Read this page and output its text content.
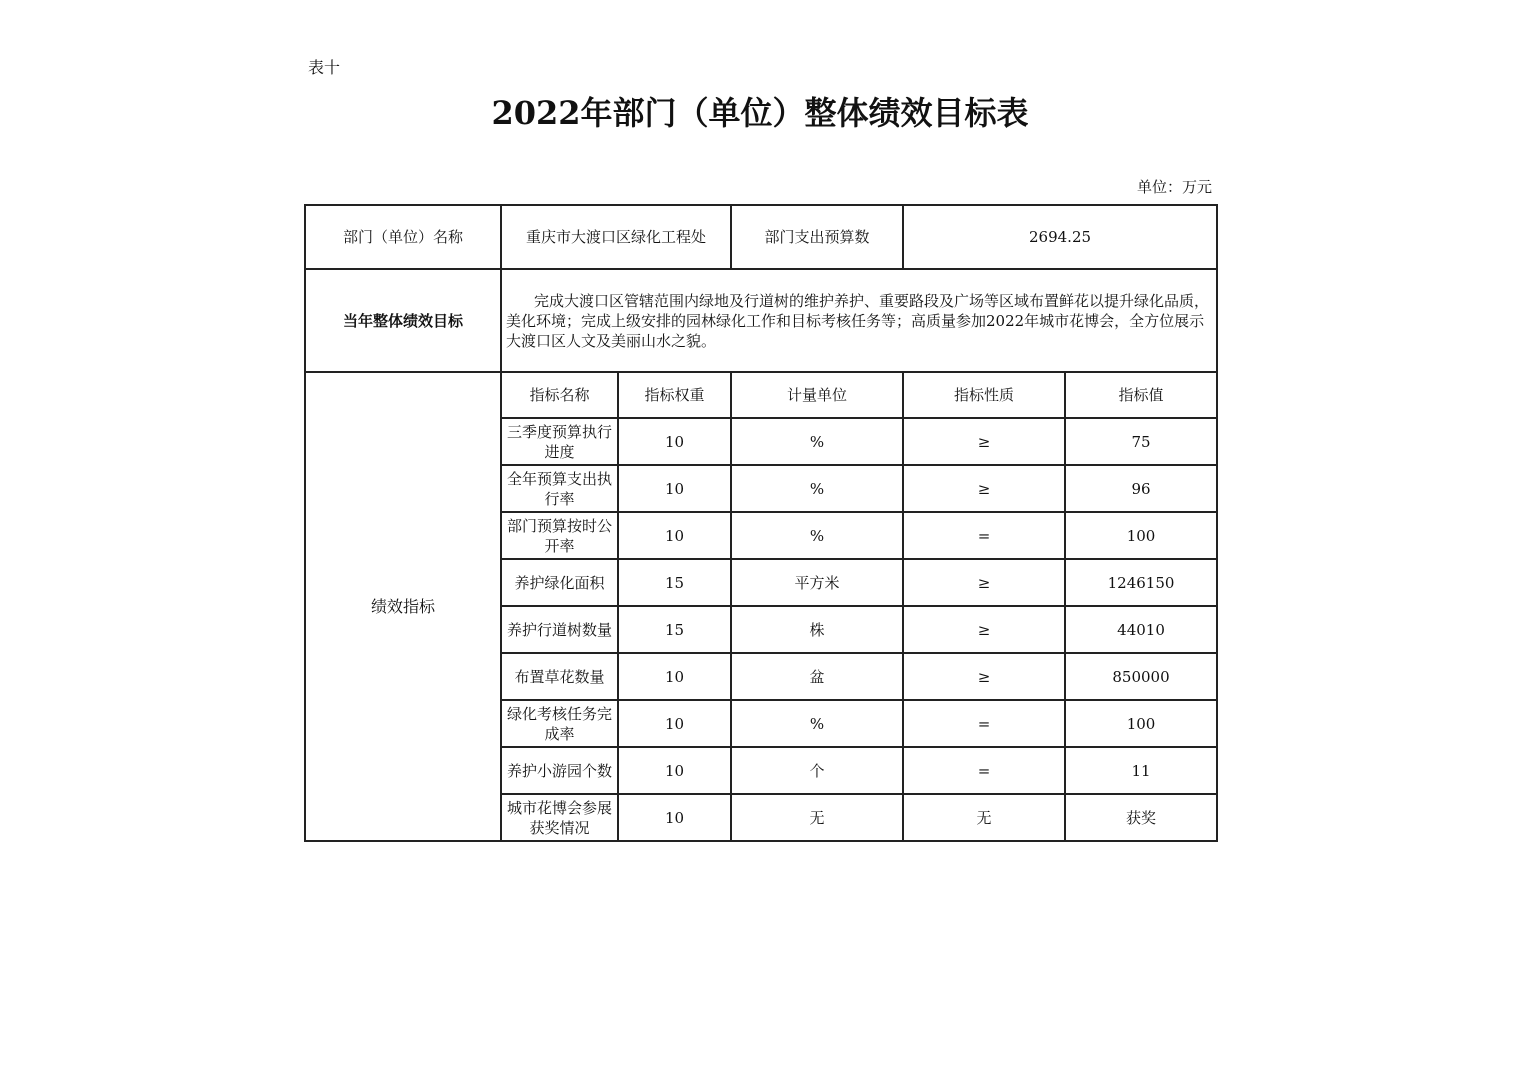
表十
2022年部门（单位）整体绩效目标表
单位：万元
部门（单位）名称	重庆市大渡口区绿化工程处		部门支出预算数	2694.25	
当年整体绩效目标	完成大渡口区管辖范围内绿地及行道树的维护养护、重要路段及广场等区域布置鲜花以提升绿化品质，美化环境；完成上级安排的园林绿化工作和目标考核任务等；高质量参加2022年城市花博会，全方位展示大渡口区人文及美丽山水之貌。				

绩效指标	指标名称	指标权重	计量单位	指标性质	指标值
	三季度预算执行进度	10	%	≥	75
	全年预算支出执行率	10	%	≥	96
	部门预算按时公开率	10	%	=	100
	养护绿化面积	15	平方米	≥	1246150
	养护行道树数量	15	株	≥	44010
	布置草花数量	10	盆	≥	850000
	绿化考核任务完成率	10	%	=	100
	养护小游园个数	10	个	=	11
	城市花博会参展获奖情况	10	无	无	获奖
